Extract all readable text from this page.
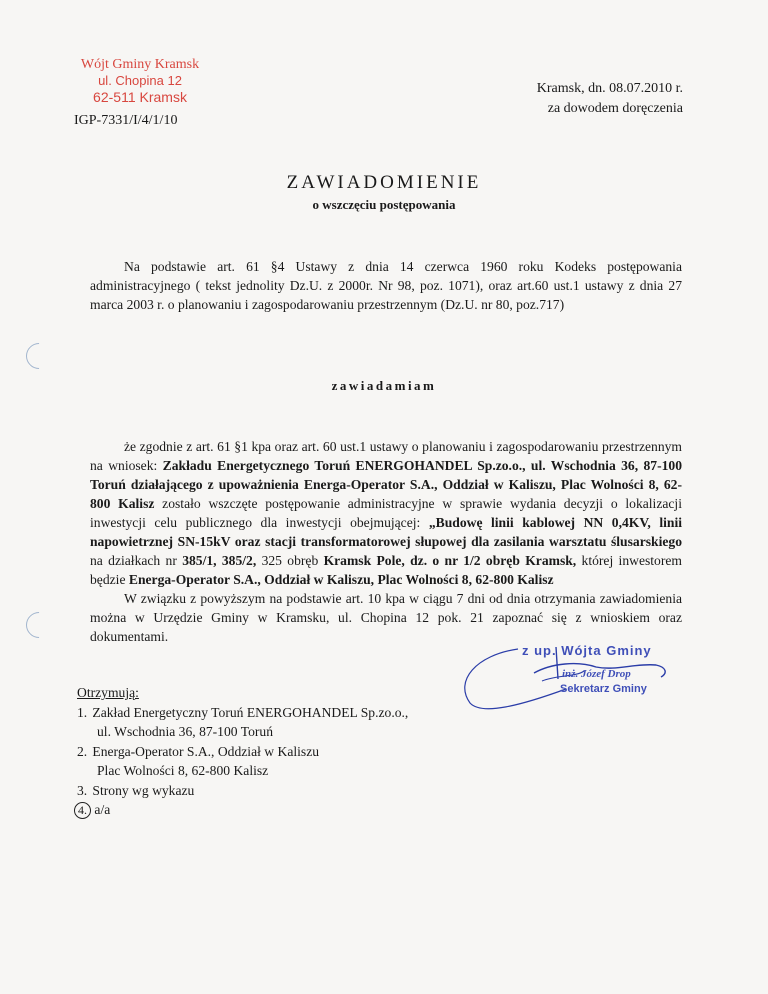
Wójt Gminy Kramsk
ul. Chopina 12
62-511 Kramsk
IGP-7331/I/4/1/10
Kramsk, dn. 08.07.2010 r.
za dowodem doręczenia
ZAWIADOMIENIE
o wszczęciu postępowania

Na podstawie art. 61 §4 Ustawy z dnia 14 czerwca 1960 roku Kodeks postępowania administracyjnego ( tekst jednolity Dz.U. z 2000r. Nr 98, poz. 1071), oraz art.60 ust.1 ustawy z dnia 27 marca 2003 r. o planowaniu i zagospodarowaniu przestrzennym (Dz.U. nr 80, poz.717)

zawiadamiam

że zgodnie z art. 61 §1 kpa oraz art. 60 ust.1 ustawy o planowaniu i zagospodarowaniu przestrzennym na wniosek: Zakładu Energetycznego Toruń ENERGOHANDEL Sp.zo.o., ul. Wschodnia 36, 87-100 Toruń działającego z upoważnienia Energa-Operator S.A., Oddział w Kaliszu, Plac Wolności 8, 62-800 Kalisz zostało wszczęte postępowanie administracyjne w sprawie wydania decyzji o lokalizacji inwestycji celu publicznego dla inwestycji obejmującej: „Budowę linii kablowej NN 0,4KV, linii napowietrznej SN-15kV oraz stacji transformatorowej słupowej dla zasilania warsztatu ślusarskiego na działkach nr 385/1, 385/2, 325 obręb Kramsk Pole, dz. o nr 1/2 obręb Kramsk, której inwestorem będzie Energa-Operator S.A., Oddział w Kaliszu, Plac Wolności 8, 62-800 Kalisz

W związku z powyższym na podstawie art. 10 kpa w ciągu 7 dni od dnia otrzymania zawiadomienia można w Urzędzie Gminy w Kramsku, ul. Chopina 12 pok. 21 zapoznać się z wnioskiem oraz dokumentami.

z up. Wójta Gminy
inż. Józef Drop
Sekretarz Gminy
Otrzymują:
1. Zakład Energetyczny Toruń ENERGOHANDEL Sp.zo.o.,
ul. Wschodnia 36, 87-100 Toruń
2. Energa-Operator S.A., Oddział w Kaliszu
Plac Wolności 8, 62-800 Kalisz
3. Strony wg wykazu
4. a/a
